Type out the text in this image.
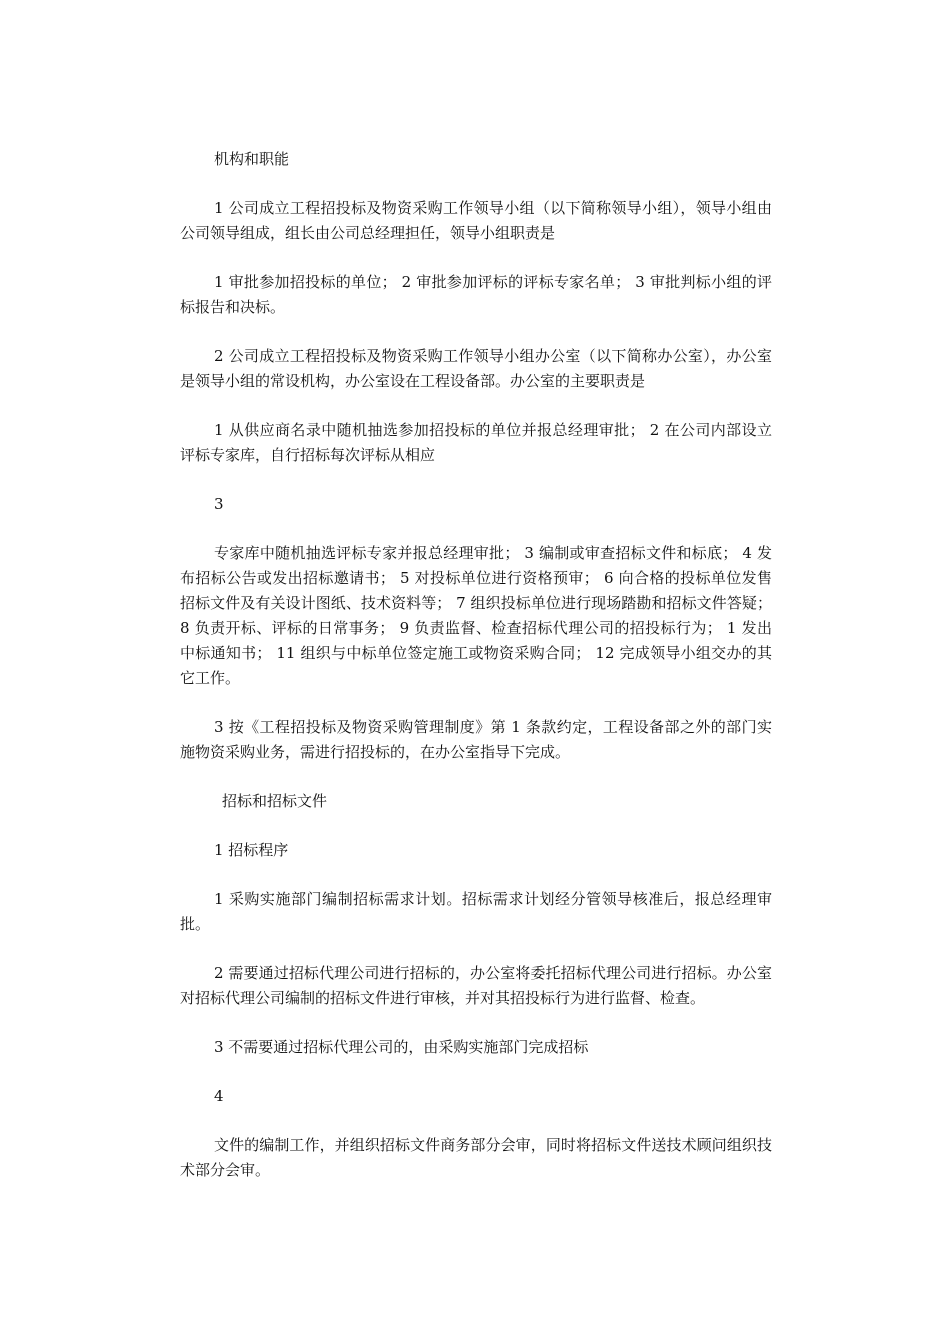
机构和职能

1 公司成立工程招投标及物资采购工作领导小组（以下简称领导小组），领导小组由公司领导组成，组长由公司总经理担任，领导小组职责是

1 审批参加招投标的单位； 2 审批参加评标的评标专家名单； 3 审批判标小组的评标报告和决标。

2 公司成立工程招投标及物资采购工作领导小组办公室（以下简称办公室），办公室是领导小组的常设机构，办公室设在工程设备部。办公室的主要职责是

1 从供应商名录中随机抽选参加招投标的单位并报总经理审批； 2 在公司内部设立评标专家库，自行招标每次评标从相应

3

专家库中随机抽选评标专家并报总经理审批； 3 编制或审查招标文件和标底； 4 发布招标公告或发出招标邀请书； 5 对投标单位进行资格预审； 6 向合格的投标单位发售招标文件及有关设计图纸、技术资料等； 7 组织投标单位进行现场踏勘和招标文件答疑； 8 负责开标、评标的日常事务； 9 负责监督、检查招标代理公司的招投标行为； 1 发出中标通知书； 11 组织与中标单位签定施工或物资采购合同； 12 完成领导小组交办的其它工作。

3 按《工程招投标及物资采购管理制度》第 1 条款约定，工程设备部之外的部门实施物资采购业务，需进行招投标的，在办公室指导下完成。

招标和招标文件

1 招标程序

1 采购实施部门编制招标需求计划。招标需求计划经分管领导核准后，报总经理审批。

2 需要通过招标代理公司进行招标的，办公室将委托招标代理公司进行招标。办公室对招标代理公司编制的招标文件进行审核，并对其招投标行为进行监督、检查。

3 不需要通过招标代理公司的，由采购实施部门完成招标

4

文件的编制工作，并组织招标文件商务部分会审，同时将招标文件送技术顾问组织技术部分会审。
